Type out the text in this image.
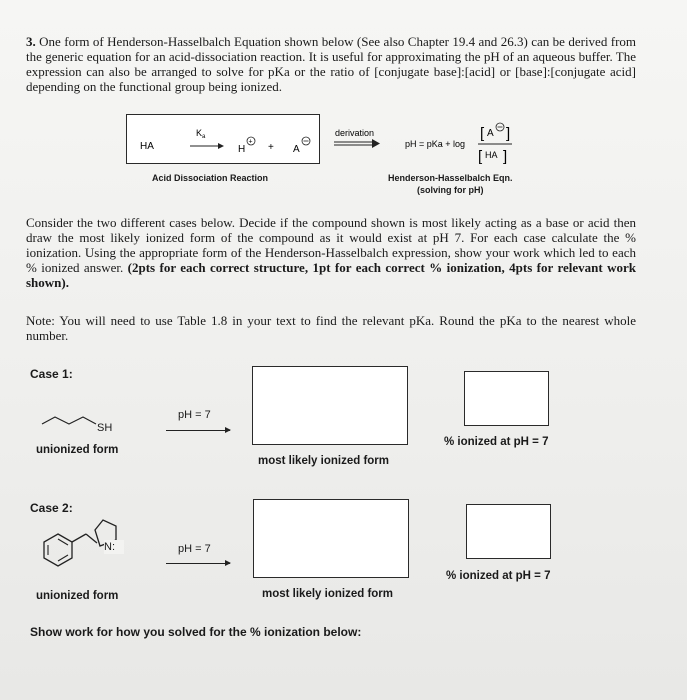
3. One form of Henderson-Hasselbalch Equation shown below (See also Chapter 19.4 and 26.3) can be derived from the generic equation for an acid-dissociation reaction. It is useful for approximating the pH of an aqueous buffer. The expression can also be arranged to solve for pKa or the ratio of [conjugate base]:[acid] or [base]:[conjugate acid] depending on the functional group being ionized.
HA
$K_a$
H
+ + A
derivation
pH = pKa + log
[ A ]
[ HA ]
Acid Dissociation Reaction	Henderson-Hasselbalch Eqn.
(solving for pH)
Consider the two different cases below. Decide if the compound shown is most likely acting as a base or acid then draw the most likely ionized form of the compound as it would exist at pH 7. For each case calculate the % ionization. Using the appropriate form of the Henderson-Hasselbalch expression, show your work which led to each % ionized answer. (2pts for each correct structure, 1pt for each correct % ionization, 4pts for relevant work shown).
Note: You will need to use Table 1.8 in your text to find the relevant pKa. Round the pKa to the nearest whole number.
Case 1:
SH
unionized form
pH = 7
most likely ionized form
% ionized at pH = 7
Case 2:
N:
unionized form
pH = 7
most likely ionized form
% ionized at pH = 7
Show work for how you solved for the % ionization below:
